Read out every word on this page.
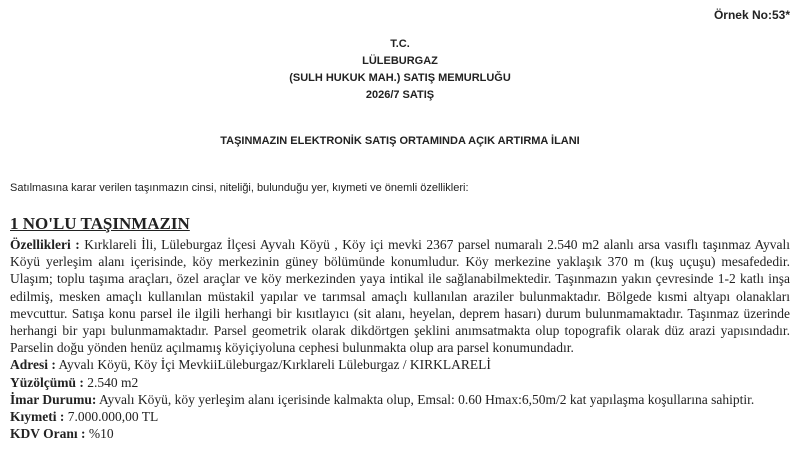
Örnek No:53*
T.C.
LÜLEBURGAZ
(SULH HUKUK MAH.) SATIŞ MEMURLUĞU
2026/7 SATIŞ
TAŞINMAZIN ELEKTRONİK SATIŞ ORTAMINDA AÇIK ARTIRMA İLANI
Satılmasına karar verilen taşınmazın cinsi, niteliği, bulunduğu yer, kıymeti ve önemli özellikleri:
1 NO'LU TAŞINMAZIN

Özellikleri : Kırklareli İli, Lüleburgaz İlçesi Ayvalı Köyü , Köy içi mevki 2367 parsel numaralı 2.540 m2 alanlı arsa vasıflı taşınmaz Ayvalı Köyü yerleşim alanı içerisinde, köy merkezinin güney bölümünde konumludur. Köy merkezine yaklaşık 370 m (kuş uçuşu) mesafededir. Ulaşım; toplu taşıma araçları, özel araçlar ve köy merkezinden yaya intikal ile sağlanabilmektedir. Taşınmazın yakın çevresinde 1-2 katlı inşa edilmiş, mesken amaçlı kullanılan müstakil yapılar ve tarımsal amaçlı kullanılan araziler bulunmaktadır. Bölgede kısmi altyapı olanakları mevcuttur. Satışa konu parsel ile ilgili herhangi bir kısıtlayıcı (sit alanı, heyelan, deprem hasarı) durum bulunmamaktadır. Taşınmaz üzerinde herhangi bir yapı bulunmamaktadır. Parsel geometrik olarak dikdörtgen şeklini anımsatmakta olup topografik olarak düz arazi yapısındadır. Parselin doğu yönden henüz açılmamış köyiçiyoluna cephesi bulunmakta olup ara parsel konumundadır.

Adresi : Ayvalı Köyü, Köy İçi MevkiiLüleburgaz/Kırklareli Lüleburgaz / KIRKLARELİ

Yüzölçümü : 2.540 m2

İmar Durumu: Ayvalı Köyü, köy yerleşim alanı içerisinde kalmakta olup, Emsal: 0.60 Hmax:6,50m/2 kat yapılaşma koşullarına sahiptir.

Kıymeti : 7.000.000,00 TL

KDV Oranı : %10
